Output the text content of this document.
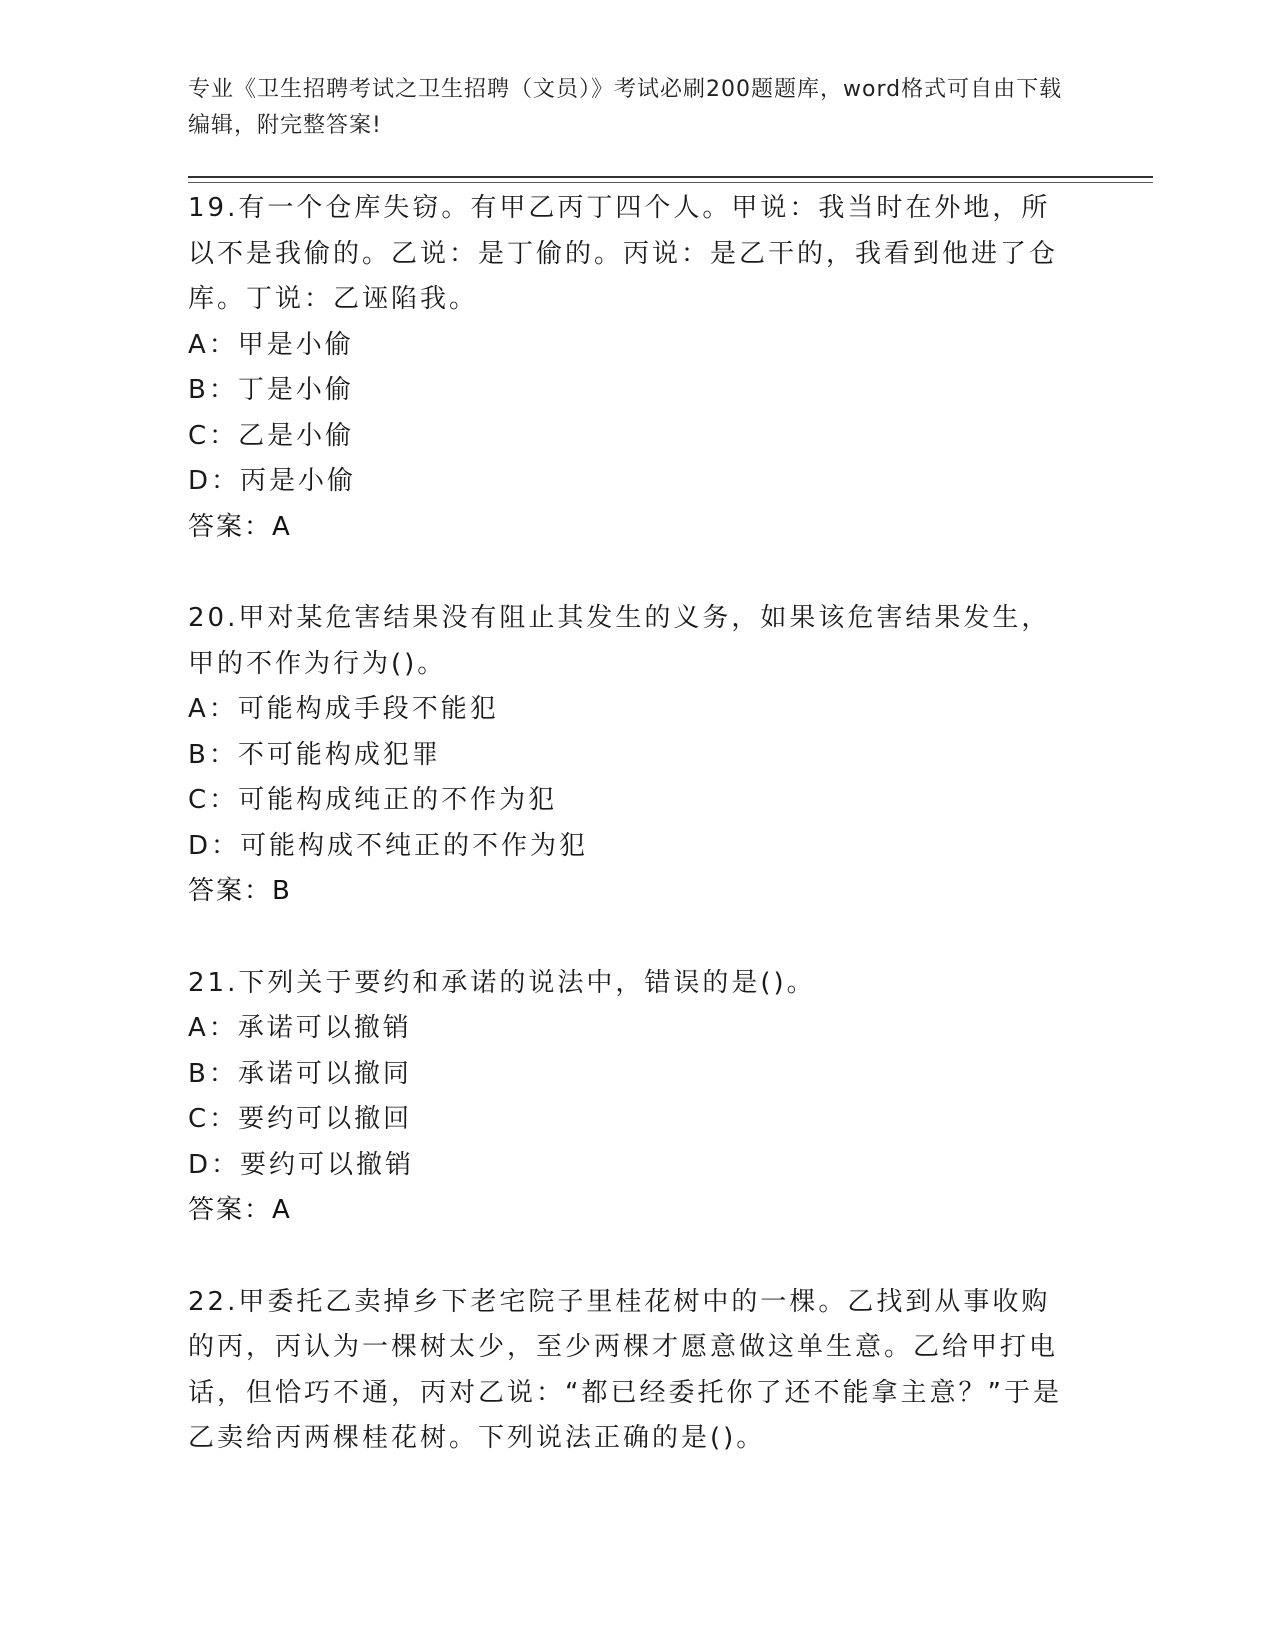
专业《卫生招聘考试之卫生招聘（文员）》考试必刷200题题库，word格式可自由下载编辑，附完整答案!
19.有一个仓库失窃。有甲乙丙丁四个人。甲说：我当时在外地，所以不是我偷的。乙说：是丁偷的。丙说：是乙干的，我看到他进了仓库。丁说：乙诬陷我。
A：甲是小偷
B：丁是小偷
C：乙是小偷
D：丙是小偷
答案：A
20.甲对某危害结果没有阻止其发生的义务，如果该危害结果发生，甲的不作为行为()。
A：可能构成手段不能犯
B：不可能构成犯罪
C：可能构成纯正的不作为犯
D：可能构成不纯正的不作为犯
答案：B
21.下列关于要约和承诺的说法中，错误的是()。
A：承诺可以撤销
B：承诺可以撤同
C：要约可以撤回
D：要约可以撤销
答案：A
22.甲委托乙卖掉乡下老宅院子里桂花树中的一棵。乙找到从事收购的丙，丙认为一棵树太少，至少两棵才愿意做这单生意。乙给甲打电话，但恰巧不通，丙对乙说：“都已经委托你了还不能拿主意？”于是乙卖给丙两棵桂花树。下列说法正确的是()。
